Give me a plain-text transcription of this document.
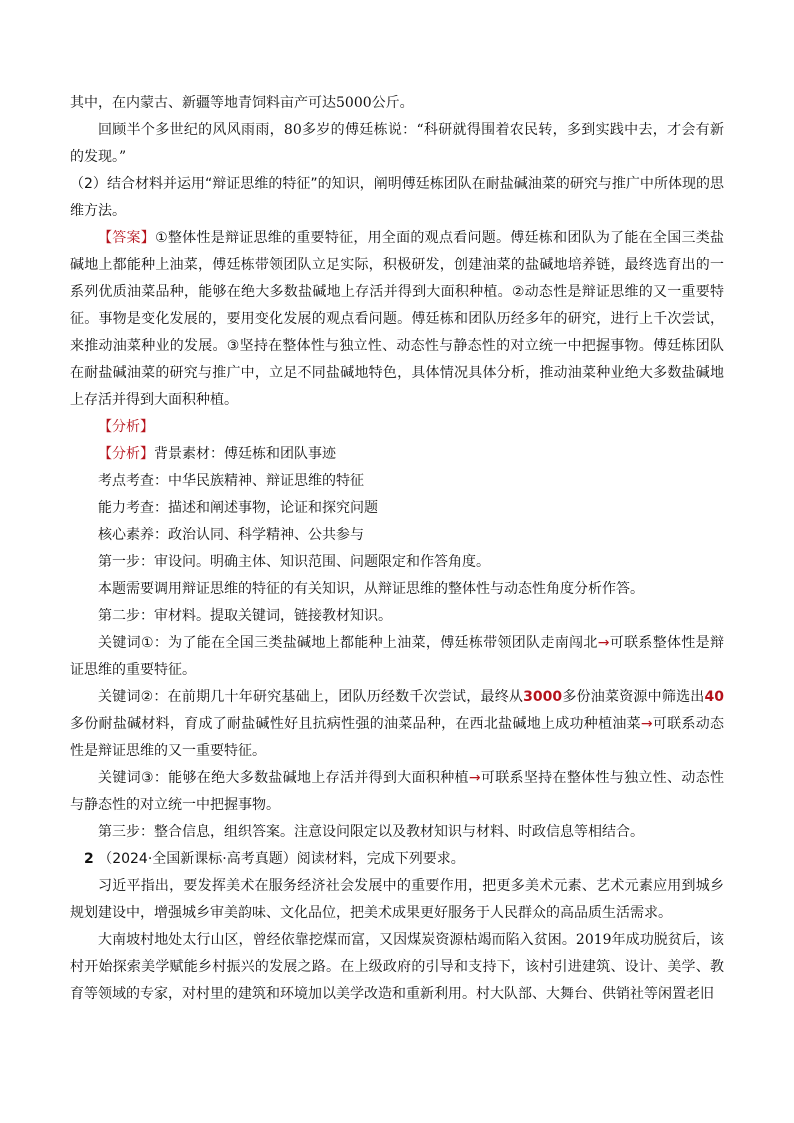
其中，在内蒙古、新疆等地青饲料亩产可达5000公斤。

回顾半个多世纪的风风雨雨，80多岁的傅廷栋说：“科研就得围着农民转，多到实践中去，才会有新的发现。”

（2）结合材料并运用“辩证思维的特征”的知识，阐明傅廷栋团队在耐盐碱油菜的研究与推广中所体现的思维方法。

【答案】①整体性是辩证思维的重要特征，用全面的观点看问题。傅廷栋和团队为了能在全国三类盐碱地上都能种上油菜，傅廷栋带领团队立足实际，积极研发，创建油菜的盐碱地培养链，最终选育出的一系列优质油菜品种，能够在绝大多数盐碱地上存活并得到大面积种植。②动态性是辩证思维的又一重要特征。事物是变化发展的，要用变化发展的观点看问题。傅廷栋和团队历经多年的研究，进行上千次尝试，来推动油菜种业的发展。③坚持在整体性与独立性、动态性与静态性的对立统一中把握事物。傅廷栋团队在耐盐碱油菜的研究与推广中，立足不同盐碱地特色，具体情况具体分析，推动油菜种业绝大多数盐碱地上存活并得到大面积种植。

【分析】

【分析】背景素材：傅廷栋和团队事迹

考点考查：中华民族精神、辩证思维的特征

能力考查：描述和阐述事物，论证和探究问题

核心素养：政治认同、科学精神、公共参与

第一步：审设问。明确主体、知识范围、问题限定和作答角度。

本题需要调用辩证思维的特征的有关知识，从辩证思维的整体性与动态性角度分析作答。

第二步：审材料。提取关键词，链接教材知识。

关键词①：为了能在全国三类盐碱地上都能种上油菜，傅廷栋带领团队走南闯北→可联系整体性是辩证思维的重要特征。

关键词②：在前期几十年研究基础上，团队历经数千次尝试，最终从3000多份油菜资源中筛选出40多份耐盐碱材料，育成了耐盐碱性好且抗病性强的油菜品种，在西北盐碱地上成功种植油菜→可联系动态性是辩证思维的又一重要特征。

关键词③：能够在绝大多数盐碱地上存活并得到大面积种植→可联系坚持在整体性与独立性、动态性与静态性的对立统一中把握事物。

第三步：整合信息，组织答案。注意设问限定以及教材知识与材料、时政信息等相结合。

2 （2024·全国新课标·高考真题）阅读材料，完成下列要求。

习近平指出，要发挥美术在服务经济社会发展中的重要作用，把更多美术元素、艺术元素应用到城乡规划建设中，增强城乡审美韵味、文化品位，把美术成果更好服务于人民群众的高品质生活需求。

大南坡村地处太行山区，曾经依靠挖煤而富，又因煤炭资源枯竭而陷入贫困。2019年成功脱贫后，该村开始探索美学赋能乡村振兴的发展之路。在上级政府的引导和支持下，该村引进建筑、设计、美学、教育等领域的专家，对村里的建筑和环境加以美学改造和重新利用。村大队部、大舞台、供销社等闲置老旧
